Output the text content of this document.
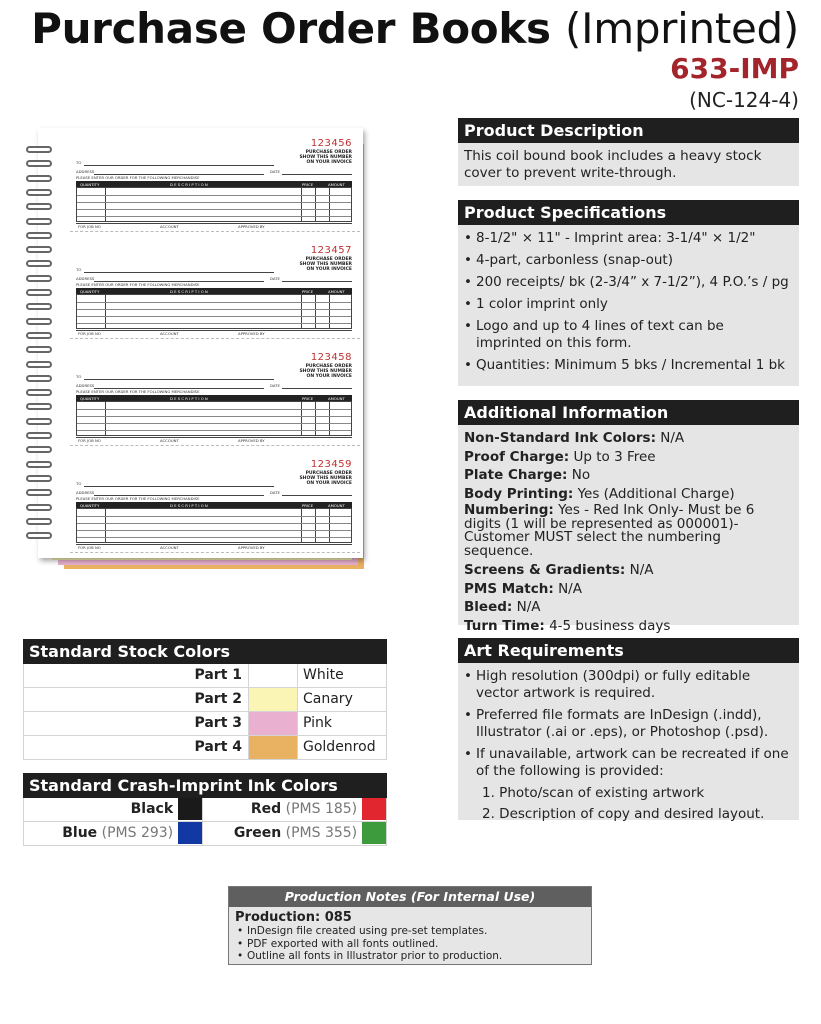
Purchase Order Books (Imprinted)
633-IMP
(NC-124-4)
123456
PURCHASE ORDER
SHOW THIS NUMBER
ON YOUR INVOICE
TO
ADDRESS	DATE
PLEASE ENTER OUR ORDER FOR THE FOLLOWING MERCHANDISE
QUANTITY	D E S C R I P T I O N	PRICE	AMOUNT
FOR JOB NO	ACCOUNT	APPROVED BY
123457
PURCHASE ORDER
SHOW THIS NUMBER
ON YOUR INVOICE
TO
ADDRESS	DATE
PLEASE ENTER OUR ORDER FOR THE FOLLOWING MERCHANDISE
QUANTITY	D E S C R I P T I O N	PRICE	AMOUNT
FOR JOB NO	ACCOUNT	APPROVED BY
123458
PURCHASE ORDER
SHOW THIS NUMBER
ON YOUR INVOICE
TO
ADDRESS	DATE
PLEASE ENTER OUR ORDER FOR THE FOLLOWING MERCHANDISE
QUANTITY	D E S C R I P T I O N	PRICE	AMOUNT
FOR JOB NO	ACCOUNT	APPROVED BY
123459
PURCHASE ORDER
SHOW THIS NUMBER
ON YOUR INVOICE
TO
ADDRESS	DATE
PLEASE ENTER OUR ORDER FOR THE FOLLOWING MERCHANDISE
QUANTITY	D E S C R I P T I O N	PRICE	AMOUNT
FOR JOB NO	ACCOUNT	APPROVED BY
Product Description
This coil bound book includes a heavy stock cover to prevent write-through.
Product Specifications
• 8-1/2" × 11" - Imprint area: 3-1/4" × 1/2"
• 4-part, carbonless (snap-out)
• 200 receipts/ bk (2-3/4” x 7-1/2”), 4 P.O.’s / pg
• 1 color imprint only
• Logo and up to 4 lines of text can be imprinted on this form.
• Quantities: Minimum 5 bks / Incremental 1 bk
Additional Information
Non-Standard Ink Colors: N/A
Proof Charge: Up to 3 Free
Plate Charge: No
Body Printing: Yes (Additional Charge)
Numbering: Yes - Red Ink Only- Must be 6 digits (1 will be represented as 000001)- Customer MUST select the numbering sequence.
Screens & Gradients: N/A
PMS Match: N/A
Bleed: N/A
Turn Time: 4-5 business days
Art Requirements
• High resolution (300dpi) or fully editable vector artwork is required.
• Preferred file formats are InDesign (.indd), Illustrator (.ai or .eps), or Photoshop (.psd).
• If unavailable, artwork can be recreated if one of the following is provided:
1. Photo/scan of existing artwork
2. Description of copy and desired layout.
Standard Stock Colors
Part 1	White
Part 2	Canary
Part 3	Pink
Part 4	Goldenrod
Standard Crash-Imprint Ink Colors
Black	Red (PMS 185)
Blue (PMS 293)	Green (PMS 355)
Production Notes (For Internal Use)
Production: 085
• InDesign file created using pre-set templates.
• PDF exported with all fonts outlined.
• Outline all fonts in Illustrator prior to production.
